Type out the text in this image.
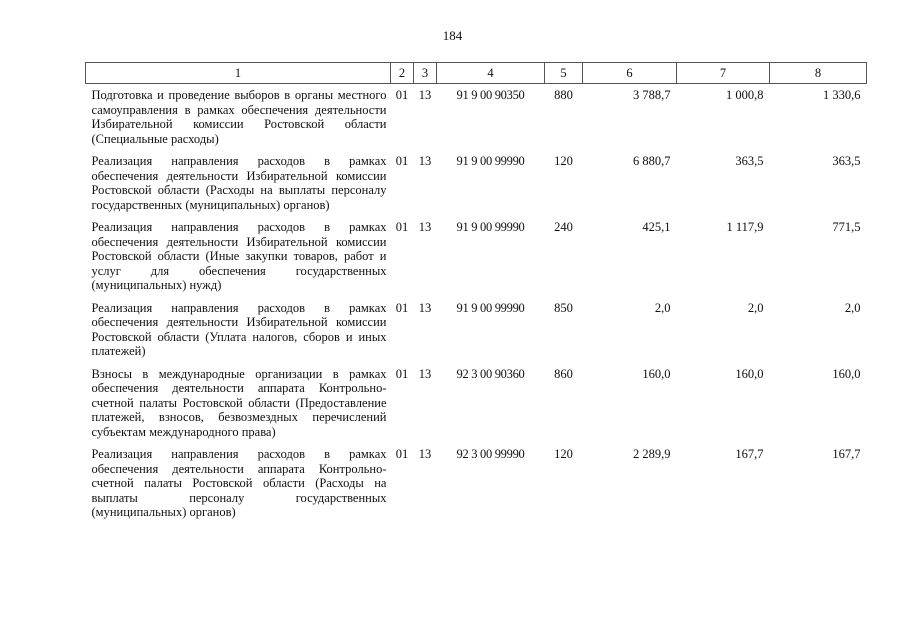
184
1	2	3	4	5	6	7	8
Подготовка и проведение выборов в органы местного самоуправления в рамках обеспечения деятельности Избирательной комиссии Ростовской области (Специальные расходы)	01	13	91 9 00 90350	880	3 788,7	1 000,8	1 330,6
Реализация направления расходов в рамках обеспечения деятельности Избирательной комиссии Ростовской области (Расходы на выплаты персоналу государственных (муниципальных) органов)	01	13	91 9 00 99990	120	6 880,7	363,5	363,5
Реализация направления расходов в рамках обеспечения деятельности Избирательной комиссии Ростовской области (Иные закупки товаров, работ и услуг для обеспечения государственных (муниципальных) нужд)	01	13	91 9 00 99990	240	425,1	1 117,9	771,5
Реализация направления расходов в рамках обеспечения деятельности Избирательной комиссии Ростовской области (Уплата налогов, сборов и иных платежей)	01	13	91 9 00 99990	850	2,0	2,0	2,0
Взносы в международные организации в рамках обеспечения деятельности аппарата Контрольно-счетной палаты Ростовской области (Предоставление платежей, взносов, безвозмездных перечислений субъектам международного права)	01	13	92 3 00 90360	860	160,0	160,0	160,0
Реализация направления расходов в рамках обеспечения деятельности аппарата Контрольно-счетной палаты Ростовской области (Расходы на выплаты персоналу государственных (муниципальных) органов)	01	13	92 3 00 99990	120	2 289,9	167,7	167,7
